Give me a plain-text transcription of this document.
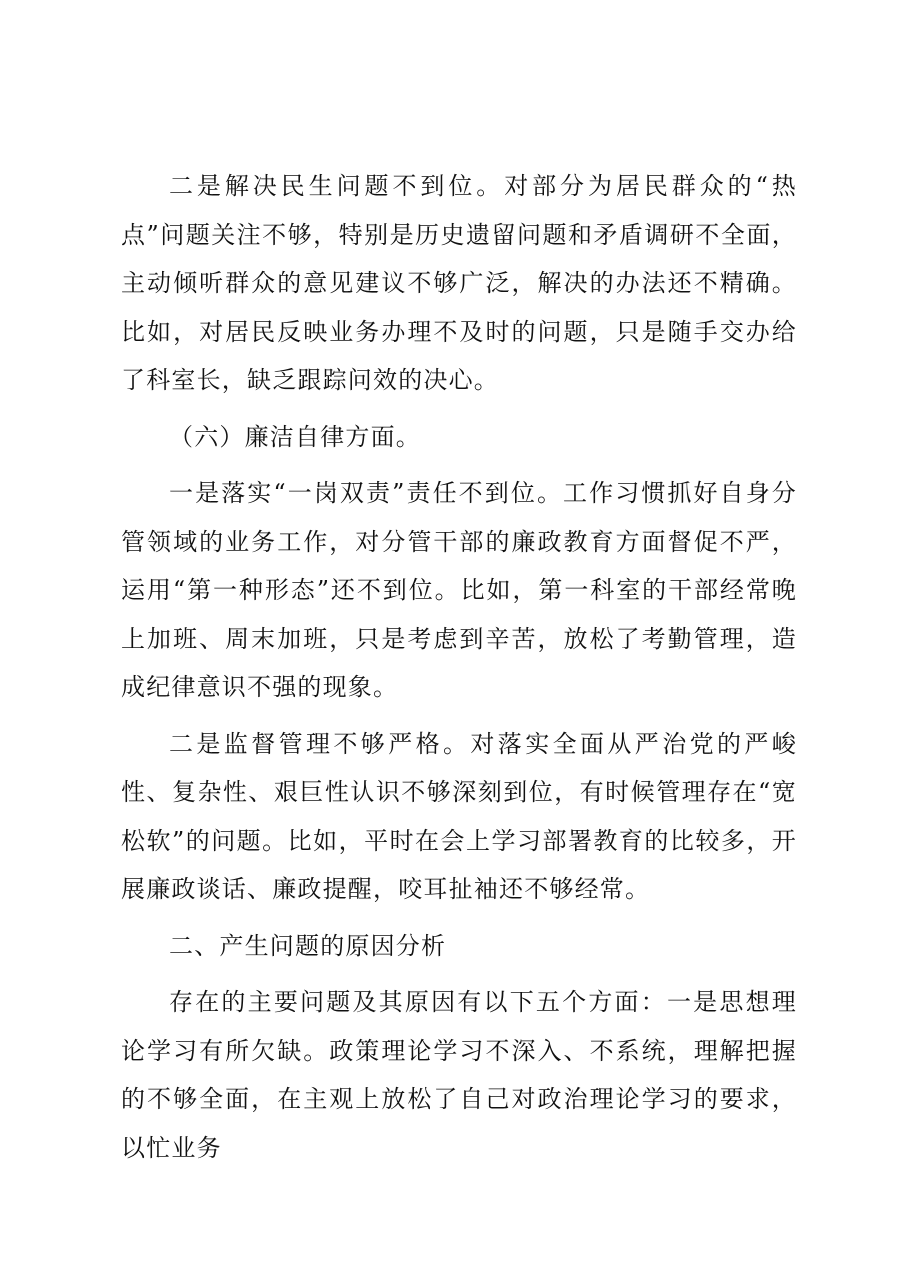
二是解决民生问题不到位。对部分为居民群众的“热点”问题关注不够，特别是历史遗留问题和矛盾调研不全面，主动倾听群众的意见建议不够广泛，解决的办法还不精确。比如，对居民反映业务办理不及时的问题，只是随手交办给了科室长，缺乏跟踪问效的决心。

（六）廉洁自律方面。

一是落实“一岗双责”责任不到位。工作习惯抓好自身分管领域的业务工作，对分管干部的廉政教育方面督促不严，运用“第一种形态”还不到位。比如，第一科室的干部经常晚上加班、周末加班，只是考虑到辛苦，放松了考勤管理，造成纪律意识不强的现象。

二是监督管理不够严格。对落实全面从严治党的严峻性、复杂性、艰巨性认识不够深刻到位，有时候管理存在“宽松软”的问题。比如，平时在会上学习部署教育的比较多，开展廉政谈话、廉政提醒，咬耳扯袖还不够经常。

二、产生问题的原因分析

存在的主要问题及其原因有以下五个方面：一是思想理论学习有所欠缺。政策理论学习不深入、不系统，理解把握的不够全面，在主观上放松了自己对政治理论学习的要求，以忙业务
